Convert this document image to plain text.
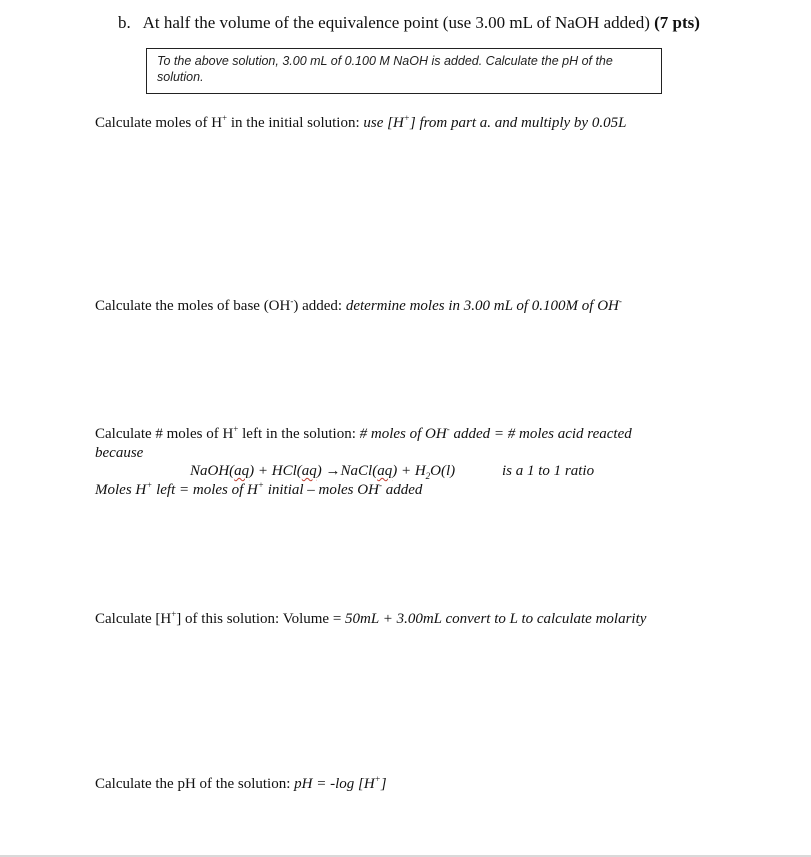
b. At half the volume of the equivalence point (use 3.00 mL of NaOH added) (7 pts)
To the above solution, 3.00 mL of 0.100 M NaOH is added. Calculate the pH of the solution.
Calculate moles of H+ in the initial solution: use [H+] from part a. and multiply by 0.05L
Calculate the moles of base (OH-) added: determine moles in 3.00 mL of 0.100M of OH-
Calculate # moles of H+ left in the solution: # moles of OH- added = # moles acid reacted
because
NaOH(aq) + HCl(aq) →NaCl(aq) + $H_2O(l)$	is a 1 to 1 ratio
Moles H+ left = moles of H+ initial – moles OH- added
Calculate [H+] of this solution: Volume = 50mL + 3.00mL convert to L to calculate molarity
Calculate the pH of the solution: pH = -log [H+]
